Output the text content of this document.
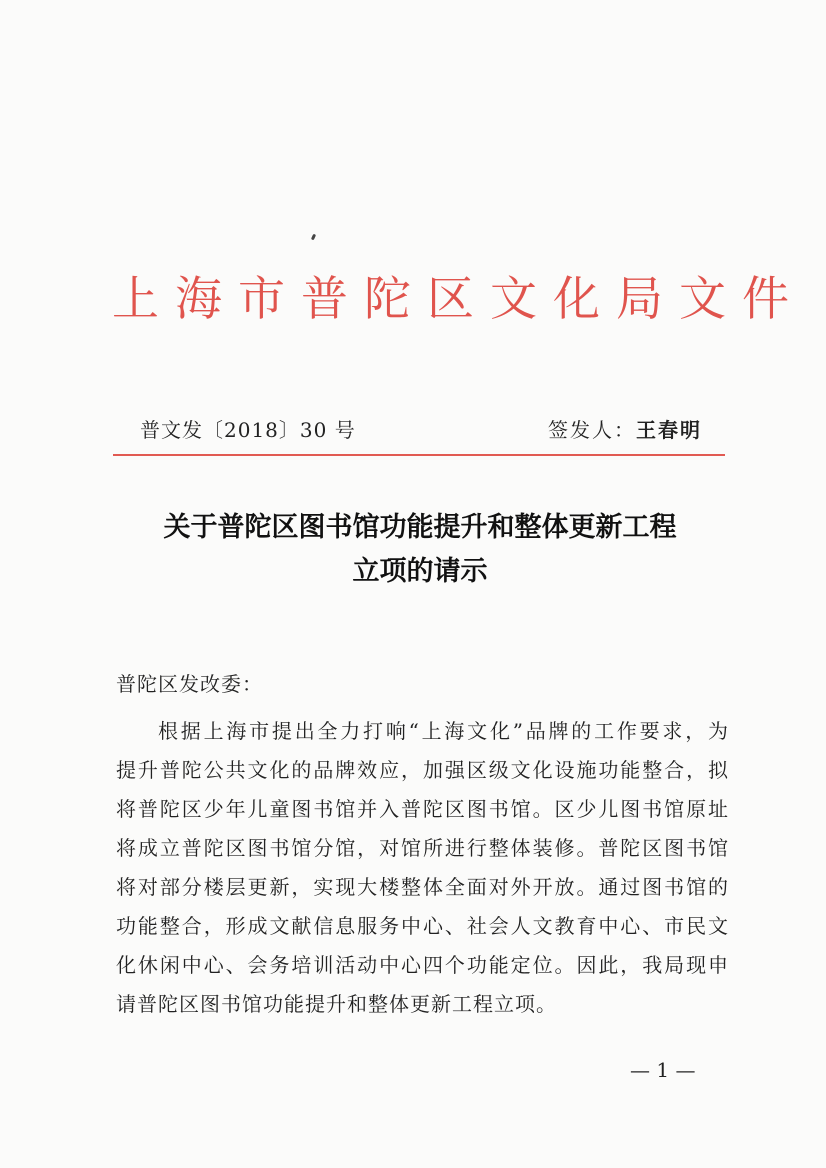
上海市普陀区文化局文件
普文发〔2018〕30 号	签发人：王春明
关于普陀区图书馆功能提升和整体更新工程
立项的请示
普陀区发改委：
根据上海市提出全力打响“上海文化”品牌的工作要求，为
提升普陀公共文化的品牌效应，加强区级文化设施功能整合，拟
将普陀区少年儿童图书馆并入普陀区图书馆。区少儿图书馆原址
将成立普陀区图书馆分馆，对馆所进行整体装修。普陀区图书馆
将对部分楼层更新，实现大楼整体全面对外开放。通过图书馆的
功能整合，形成文献信息服务中心、社会人文教育中心、市民文
化休闲中心、会务培训活动中心四个功能定位。因此，我局现申
请普陀区图书馆功能提升和整体更新工程立项。
— 1 —
